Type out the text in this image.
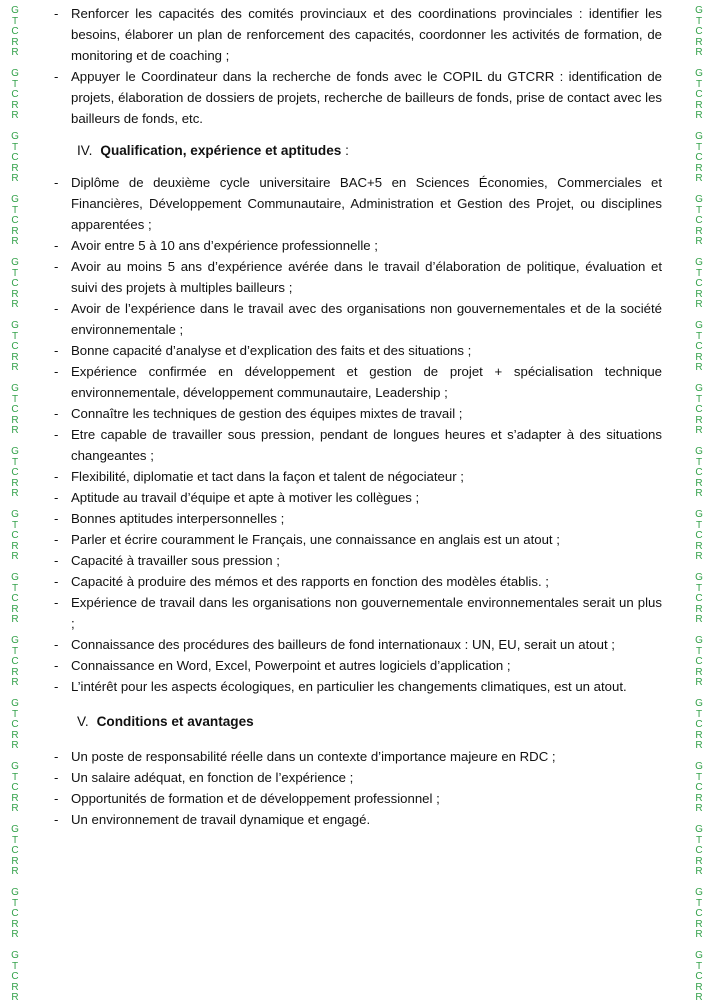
G
T
C
R
R

G
T
C
R
R

G
T
C
R
R

G
T
C
R
R

G
T
C
R
R

G
T
C
R
R

G
T
C
R
R

G
T
C
R
R

G
T
C
R
R

G
T
C
R
R

G
T
C
R
R

G
T
C
R
R

G
T
C
R
R

G
T
C
R
R

G
T
C
R
R

G
T
C
R
R

G
T
C
R
R

G
T
C
R
R

G
T
C
R
R

G
T
C
R
R

G
T
C
R
R

G
T
C
R
R

G
T
C
R
R

G
T
C
R
R

G
T
C
R
R

G
T
C
R
R

G
T
C
R
R

G
T
C
R
R

G
T
C
R
R

G
T
C
R
R

G
T
C
R
R

G
T
C
R
R

- Renforcer les capacités des comités provinciaux et des coordinations provinciales : identifier les besoins, élaborer un plan de renforcement des capacités, coordonner les activités de formation, de monitoring et de coaching ;
- Appuyer le Coordinateur dans la recherche de fonds avec le COPIL du GTCRR : identification de projets, élaboration de dossiers de projets, recherche de bailleurs de fonds, prise de contact avec les bailleurs de fonds, etc.
IV. Qualification, expérience et aptitudes :
- Diplôme de deuxième cycle universitaire BAC+5 en Sciences Économies, Commerciales et Financières, Développement Communautaire, Administration et Gestion des Projet, ou disciplines apparentées ;
- Avoir entre 5 à 10 ans d’expérience professionnelle ;
- Avoir au moins 5 ans d’expérience avérée dans le travail d’élaboration de politique, évaluation et suivi des projets à multiples bailleurs ;
- Avoir de l’expérience dans le travail avec des organisations non gouvernementales et de la société environnementale ;
- Bonne capacité d’analyse et d’explication des faits et des situations ;
- Expérience confirmée en développement et gestion de projet + spécialisation technique environnementale, développement communautaire, Leadership ;
- Connaître les techniques de gestion des équipes mixtes de travail ;
- Etre capable de travailler sous pression, pendant de longues heures et s’adapter à des situations changeantes ;
- Flexibilité, diplomatie et tact dans la façon et talent de négociateur ;
- Aptitude au travail d’équipe et apte à motiver les collègues ;
- Bonnes aptitudes interpersonnelles ;
- Parler et écrire couramment le Français, une connaissance en anglais est un atout ;
- Capacité à travailler sous pression ;
- Capacité à produire des mémos et des rapports en fonction des modèles établis. ;
- Expérience de travail dans les organisations non gouvernementale environnementales serait un plus ;
- Connaissance des procédures des bailleurs de fond internationaux : UN, EU, serait un atout ;
- Connaissance en Word, Excel, Powerpoint et autres logiciels d’application ;
- L’intérêt pour les aspects écologiques, en particulier les changements climatiques, est un atout.
V. Conditions et avantages
- Un poste de responsabilité réelle dans un contexte d’importance majeure en RDC ;
- Un salaire adéquat, en fonction de l’expérience ;
- Opportunités de formation et de développement professionnel ;
- Un environnement de travail dynamique et engagé.
